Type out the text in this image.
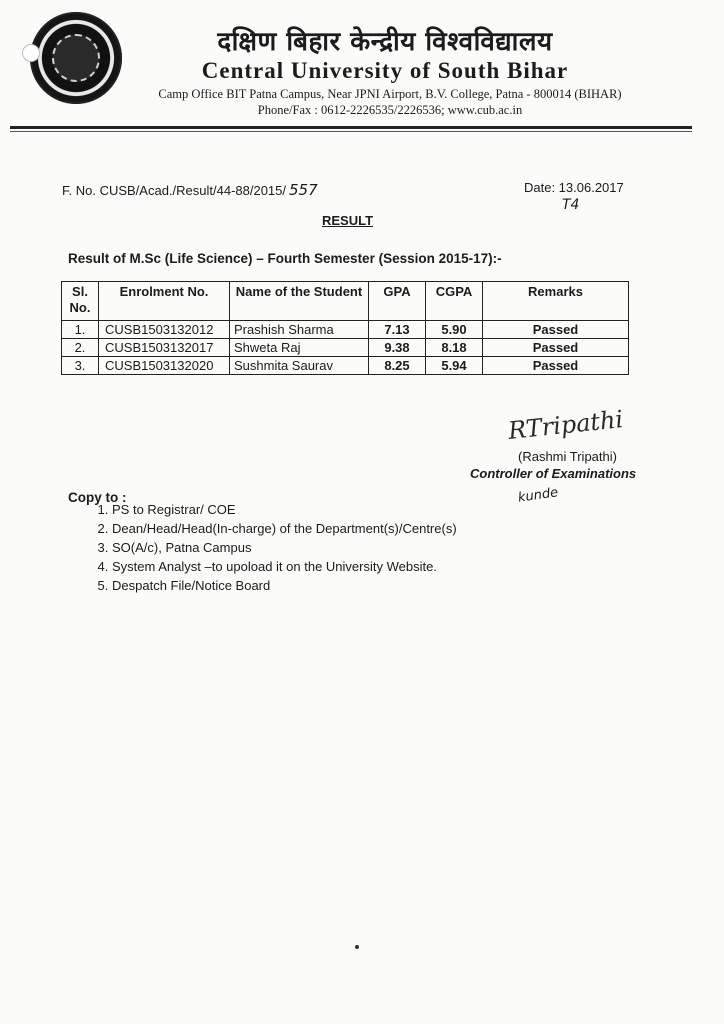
दक्षिण बिहार केन्द्रीय विश्वविद्यालय
Central University of South Bihar
Camp Office BIT Patna Campus, Near JPNI Airport, B.V. College, Patna - 800014 (BIHAR)
Phone/Fax : 0612-2226535/2226536; www.cub.ac.in
F. No. CUSB/Acad./Result/44-88/2015/ 557	Date: 13.06.2017
T4
RESULT
Result of M.Sc (Life Science) – Fourth Semester (Session 2015-17):-
Sl. No.	Enrolment No.	Name of the Student	GPA	CGPA	Remarks
1.	CUSB1503132012	Prashish Sharma	7.13	5.90	Passed
2.	CUSB1503132017	Shweta Raj	9.38	8.18	Passed
3.	CUSB1503132020	Sushmita Saurav	8.25	5.94	Passed
RTripathi
(Rashmi Tripathi)
Controller of Examinations
kunde
Copy to :
1. PS to Registrar/ COE
2. Dean/Head/Head(In-charge) of the Department(s)/Centre(s)
3. SO(A/c), Patna Campus
4. System Analyst –to upoload it on the University Website.
5. Despatch File/Notice Board
